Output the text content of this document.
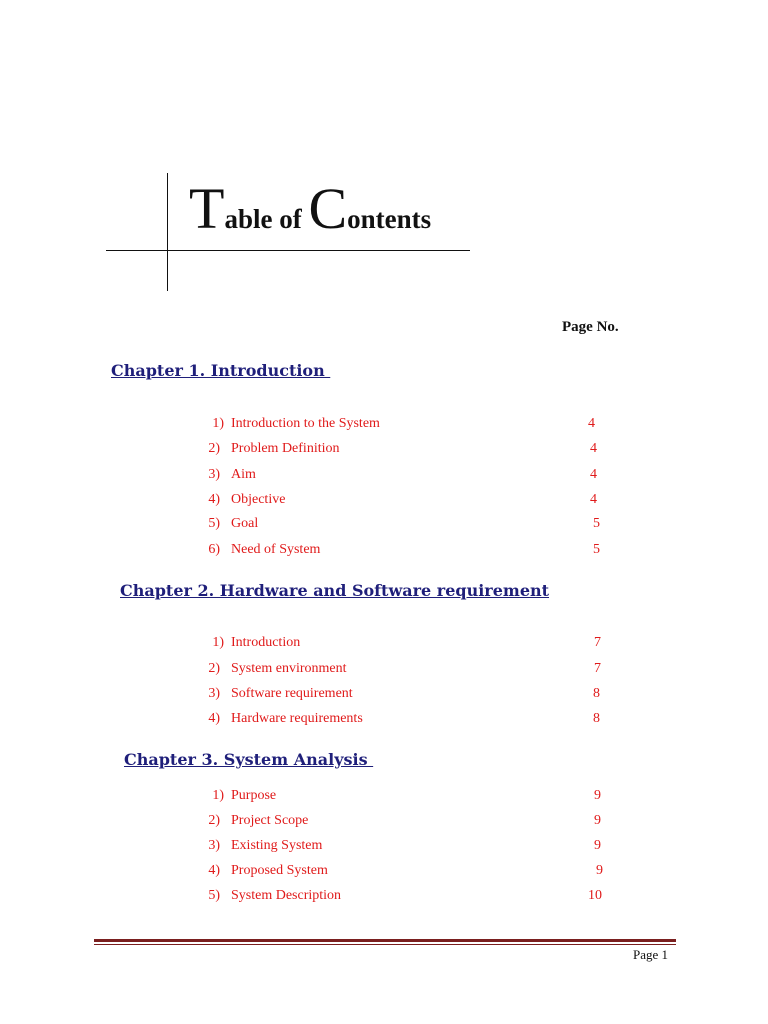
Table of Contents
Page No.
Chapter 1. Introduction
1) Introduction to the System	4
2) Problem Definition	4
3) Aim	4
4) Objective	4
5) Goal	5
6) Need of System	5
Chapter 2. Hardware and Software requirement
1) Introduction	7
2) System environment	7
3) Software requirement	8
4) Hardware requirements	8
Chapter 3. System Analysis
1) Purpose	9
2) Project Scope	9
3) Existing System	9
4) Proposed System	9
5) System Description	10
Page 1
